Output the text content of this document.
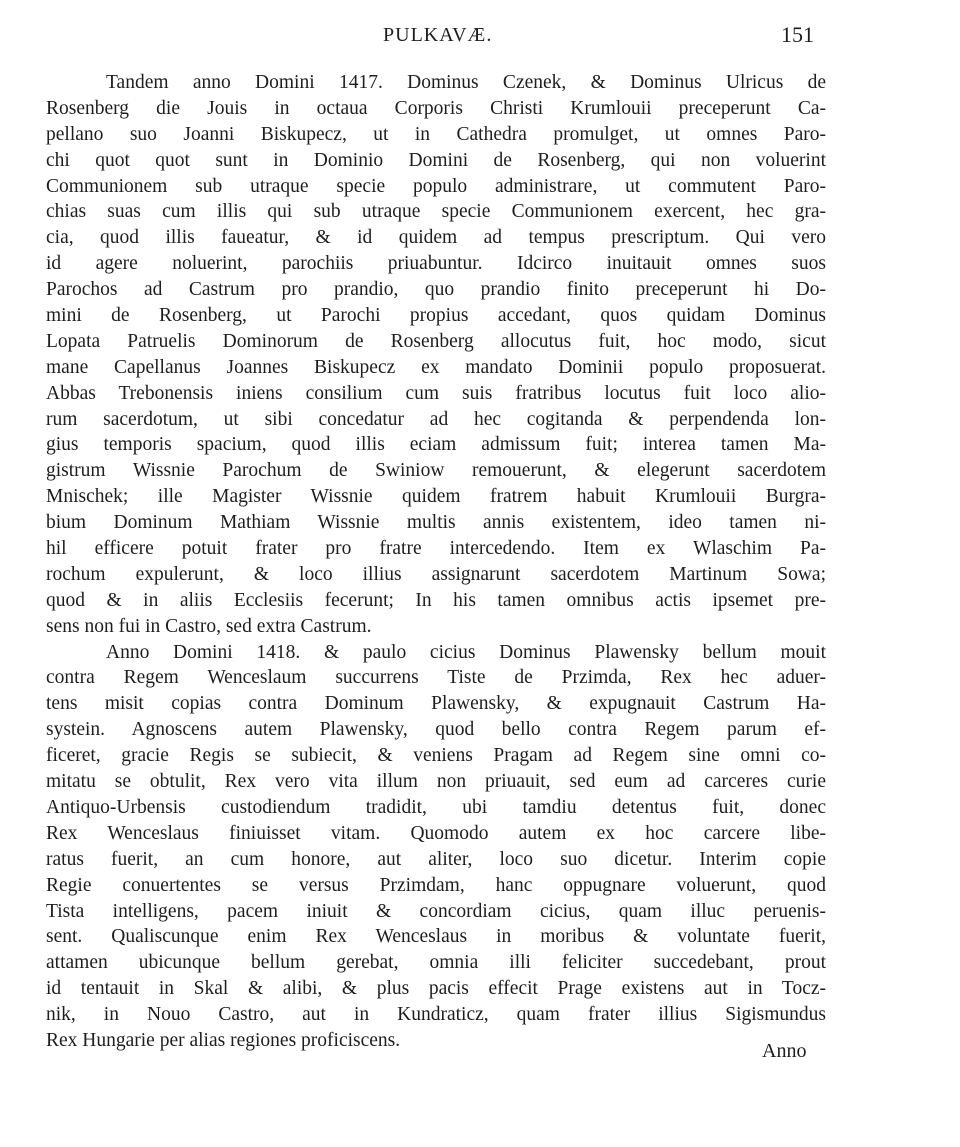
PULKAVÆ.	151
Tandem anno Domini 1417. Dominus Czenek, & Dominus Ulricus de
Rosenberg die Jouis in octaua Corporis Christi Krumlouii preceperunt Ca-
pellano suo Joanni Biskupecz, ut in Cathedra promulget, ut omnes Paro-
chi quot quot sunt in Dominio Domini de Rosenberg, qui non voluerint
Communionem sub utraque specie populo administrare, ut commutent Paro-
chias suas cum illis qui sub utraque specie Communionem exercent, hec gra-
cia, quod illis faueatur, & id quidem ad tempus prescriptum. Qui vero
id agere noluerint, parochiis priuabuntur. Idcirco inuitauit omnes suos
Parochos ad Castrum pro prandio, quo prandio finito preceperunt hi Do-
mini de Rosenberg, ut Parochi propius accedant, quos quidam Dominus
Lopata Patruelis Dominorum de Rosenberg allocutus fuit, hoc modo, sicut
mane Capellanus Joannes Biskupecz ex mandato Dominii populo proposuerat.
Abbas Trebonensis iniens consilium cum suis fratribus locutus fuit loco alio-
rum sacerdotum, ut sibi concedatur ad hec cogitanda & perpendenda lon-
gius temporis spacium, quod illis eciam admissum fuit; interea tamen Ma-
gistrum Wissnie Parochum de Swiniow remouerunt, & elegerunt sacerdotem
Mnischek; ille Magister Wissnie quidem fratrem habuit Krumlouii Burgra-
bium Dominum Mathiam Wissnie multis annis existentem, ideo tamen ni-
hil efficere potuit frater pro fratre intercedendo. Item ex Wlaschim Pa-
rochum expulerunt, & loco illius assignarunt sacerdotem Martinum Sowa;
quod & in aliis Ecclesiis fecerunt; In his tamen omnibus actis ipsemet pre-
sens non fui in Castro, sed extra Castrum.
Anno Domini 1418. & paulo cicius Dominus Plawensky bellum mouit
contra Regem Wenceslaum succurrens Tiste de Przimda, Rex hec aduer-
tens misit copias contra Dominum Plawensky, & expugnauit Castrum Ha-
systein. Agnoscens autem Plawensky, quod bello contra Regem parum ef-
ficeret, gracie Regis se subiecit, & veniens Pragam ad Regem sine omni co-
mitatu se obtulit, Rex vero vita illum non priuauit, sed eum ad carceres curie
Antiquo-Urbensis custodiendum tradidit, ubi tamdiu detentus fuit, donec
Rex Wenceslaus finiuisset vitam. Quomodo autem ex hoc carcere libe-
ratus fuerit, an cum honore, aut aliter, loco suo dicetur. Interim copie
Regie conuertentes se versus Przimdam, hanc oppugnare voluerunt, quod
Tista intelligens, pacem iniuit & concordiam cicius, quam illuc peruenis-
sent. Qualiscunque enim Rex Wenceslaus in moribus & voluntate fuerit,
attamen ubicunque bellum gerebat, omnia illi feliciter succedebant, prout
id tentauit in Skal & alibi, & plus pacis effecit Prage existens aut in Tocz-
nik, in Nouo Castro, aut in Kundraticz, quam frater illius Sigismundus
Rex Hungarie per alias regiones proficiscens.	Anno
